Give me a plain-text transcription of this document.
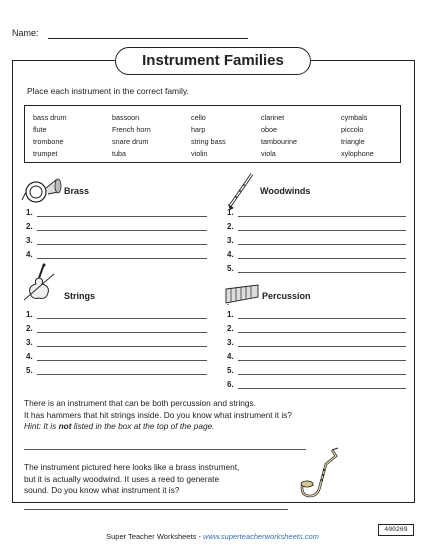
Name:
Instrument Families
Place each instrument in the correct family.
bass drum	bassoon	cello	clarinet	cymbals
flute	French horn	harp	oboe	piccolo
trombone	snare drum	string bass	tambourine	triangle
trumpet	tuba	violin	viola	xylophone
Brass
1.
2.
3.
4.
Woodwinds
1.
2.
3.
4.
5.
Strings
1.
2.
3.
4.
5.
Percussion
1.
2.
3.
4.
5.
6.
There is an instrument that can be both percussion and strings.
It has hammers that hit strings inside. Do you know what instrument it is?
Hint: It is not listed in the box at the top of the page.
The instrument pictured here looks like a brass instrument,
but it is actually woodwind. It uses a reed to generate
sound. Do you know what instrument it is?
Super Teacher Worksheets - www.superteacherworksheets.com
400269
